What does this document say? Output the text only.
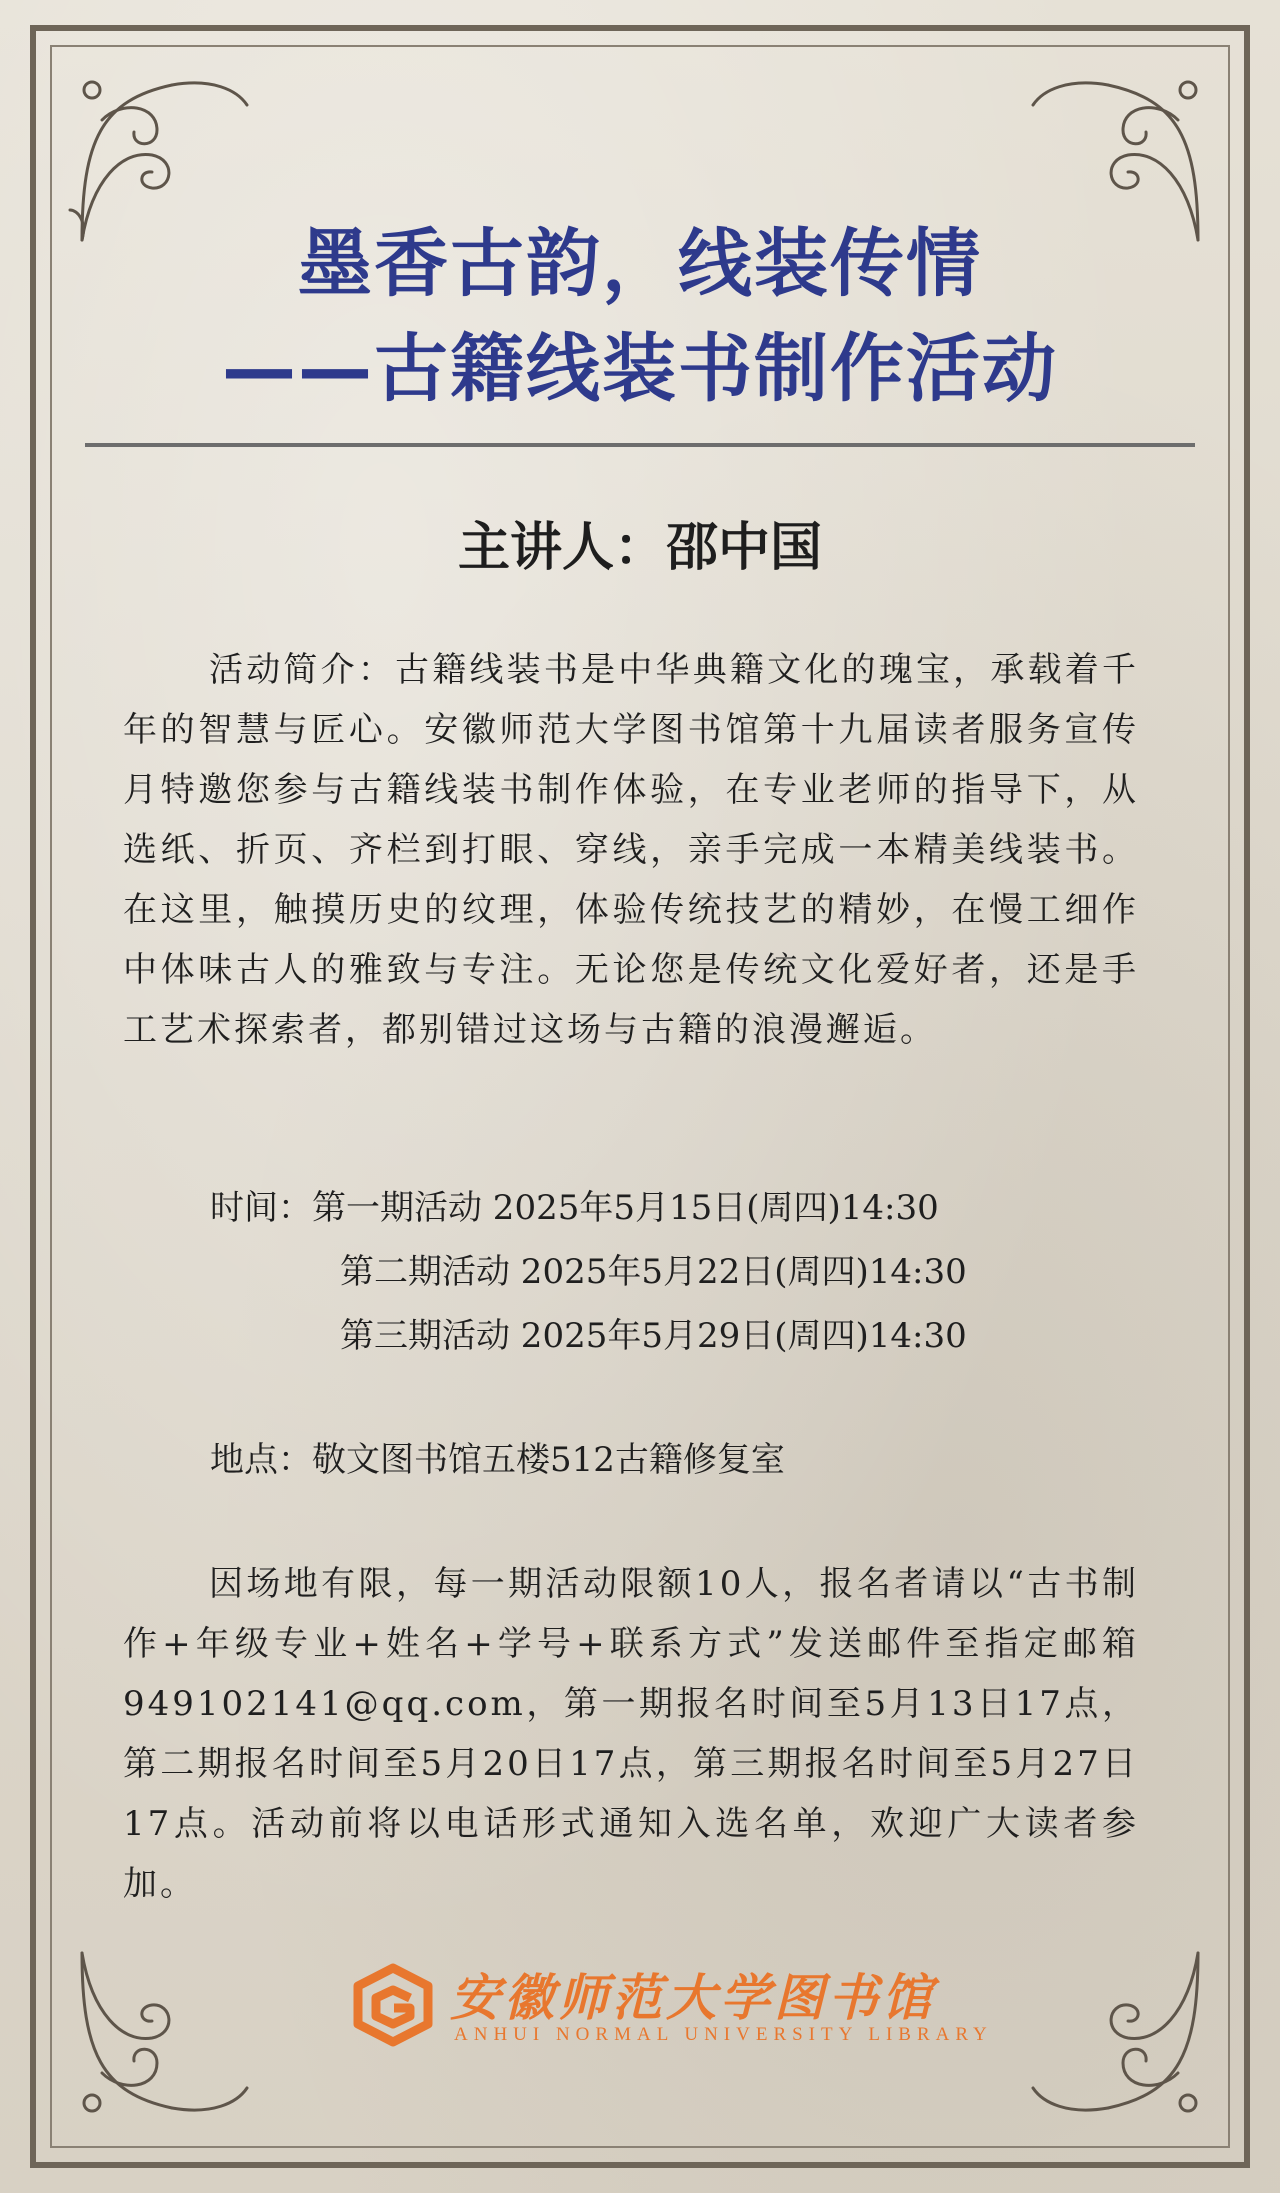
墨香古韵，线装传情
——古籍线装书制作活动
主讲人：邵中国
活动简介：古籍线装书是中华典籍文化的瑰宝，承载着千年的智慧与匠心。安徽师范大学图书馆第十九届读者服务宣传月特邀您参与古籍线装书制作体验，在专业老师的指导下，从选纸、折页、齐栏到打眼、穿线，亲手完成一本精美线装书。在这里，触摸历史的纹理，体验传统技艺的精妙，在慢工细作中体味古人的雅致与专注。无论您是传统文化爱好者，还是手工艺术探索者，都别错过这场与古籍的浪漫邂逅。
时间：第一期活动 2025年5月15日(周四)14:30
第二期活动 2025年5月22日(周四)14:30
第三期活动 2025年5月29日(周四)14:30
地点：敬文图书馆五楼512古籍修复室
因场地有限，每一期活动限额10人，报名者请以“古书制作+年级专业+姓名+学号+联系方式”发送邮件至指定邮箱949102141@qq.com，第一期报名时间至5月13日17点，第二期报名时间至5月20日17点，第三期报名时间至5月27日17点。活动前将以电话形式通知入选名单，欢迎广大读者参加。
安徽师范大学图书馆
ANHUI NORMAL UNIVERSITY LIBRARY
